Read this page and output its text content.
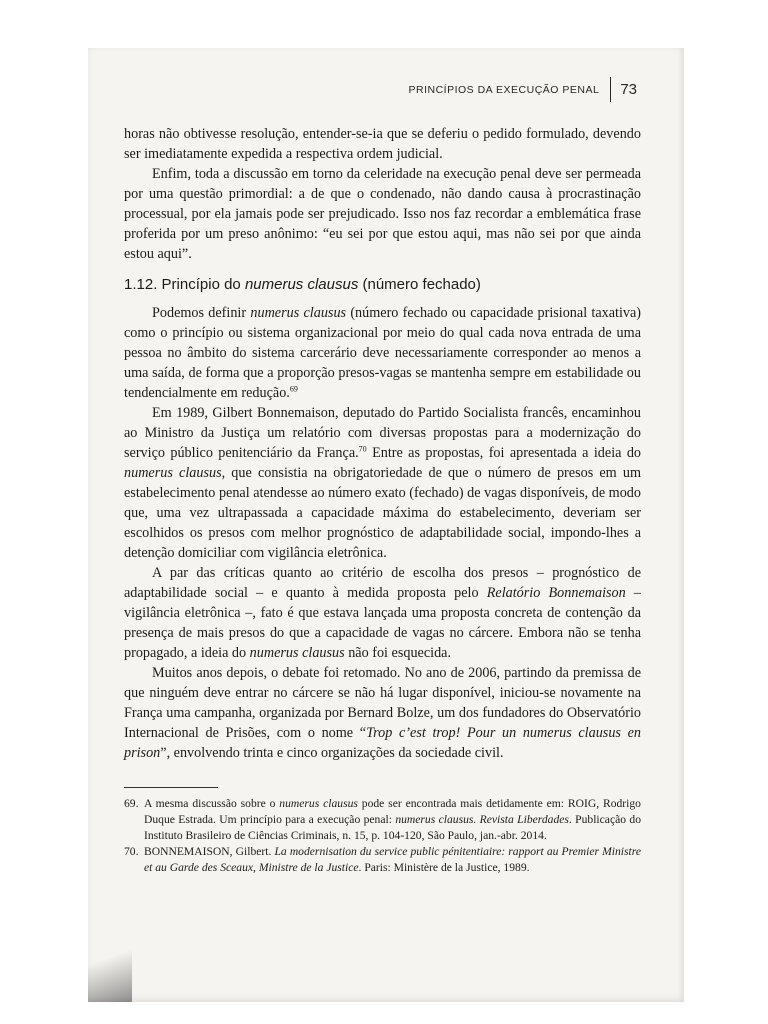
PRINCÍPIOS DA EXECUÇÃO PENAL 73

horas não obtivesse resolução, entender-se-ia que se deferiu o pedido formulado, devendo ser imediatamente expedida a respectiva ordem judicial.

Enfim, toda a discussão em torno da celeridade na execução penal deve ser permeada por uma questão primordial: a de que o condenado, não dando causa à procrastinação processual, por ela jamais pode ser prejudicado. Isso nos faz recordar a emblemática frase proferida por um preso anônimo: “eu sei por que estou aqui, mas não sei por que ainda estou aqui”.

1.12. Princípio do numerus clausus (número fechado)

Podemos definir numerus clausus (número fechado ou capacidade prisional taxativa) como o princípio ou sistema organizacional por meio do qual cada nova entrada de uma pessoa no âmbito do sistema carcerário deve necessariamente corresponder ao menos a uma saída, de forma que a proporção presos-vagas se mantenha sempre em estabilidade ou tendencialmente em redução.$^{69}$

Em 1989, Gilbert Bonnemaison, deputado do Partido Socialista francês, encaminhou ao Ministro da Justiça um relatório com diversas propostas para a modernização do serviço público penitenciário da França.$^{70}$ Entre as propostas, foi apresentada a ideia do numerus clausus, que consistia na obrigatoriedade de que o número de presos em um estabelecimento penal atendesse ao número exato (fechado) de vagas disponíveis, de modo que, uma vez ultrapassada a capacidade máxima do estabelecimento, deveriam ser escolhidos os presos com melhor prognóstico de adaptabilidade social, impondo-lhes a detenção domiciliar com vigilância eletrônica.

A par das críticas quanto ao critério de escolha dos presos – prognóstico de adaptabilidade social – e quanto à medida proposta pelo Relatório Bonnemaison – vigilância eletrônica –, fato é que estava lançada uma proposta concreta de contenção da presença de mais presos do que a capacidade de vagas no cárcere. Embora não se tenha propagado, a ideia do numerus clausus não foi esquecida.

Muitos anos depois, o debate foi retomado. No ano de 2006, partindo da premissa de que ninguém deve entrar no cárcere se não há lugar disponível, iniciou-se novamente na França uma campanha, organizada por Bernard Bolze, um dos fundadores do Observatório Internacional de Prisões, com o nome “Trop c’est trop! Pour un numerus clausus en prison”, envolvendo trinta e cinco organizações da sociedade civil.

69. A mesma discussão sobre o numerus clausus pode ser encontrada mais detidamente em: ROIG, Rodrigo Duque Estrada. Um princípio para a execução penal: numerus clausus. Revista Liberdades. Publicação do Instituto Brasileiro de Ciências Criminais, n. 15, p. 104-120, São Paulo, jan.-abr. 2014.
70. BONNEMAISON, Gilbert. La modernisation du service public pénitentiaire: rapport au Premier Ministre et au Garde des Sceaux, Ministre de la Justice. Paris: Ministère de la Justice, 1989.
